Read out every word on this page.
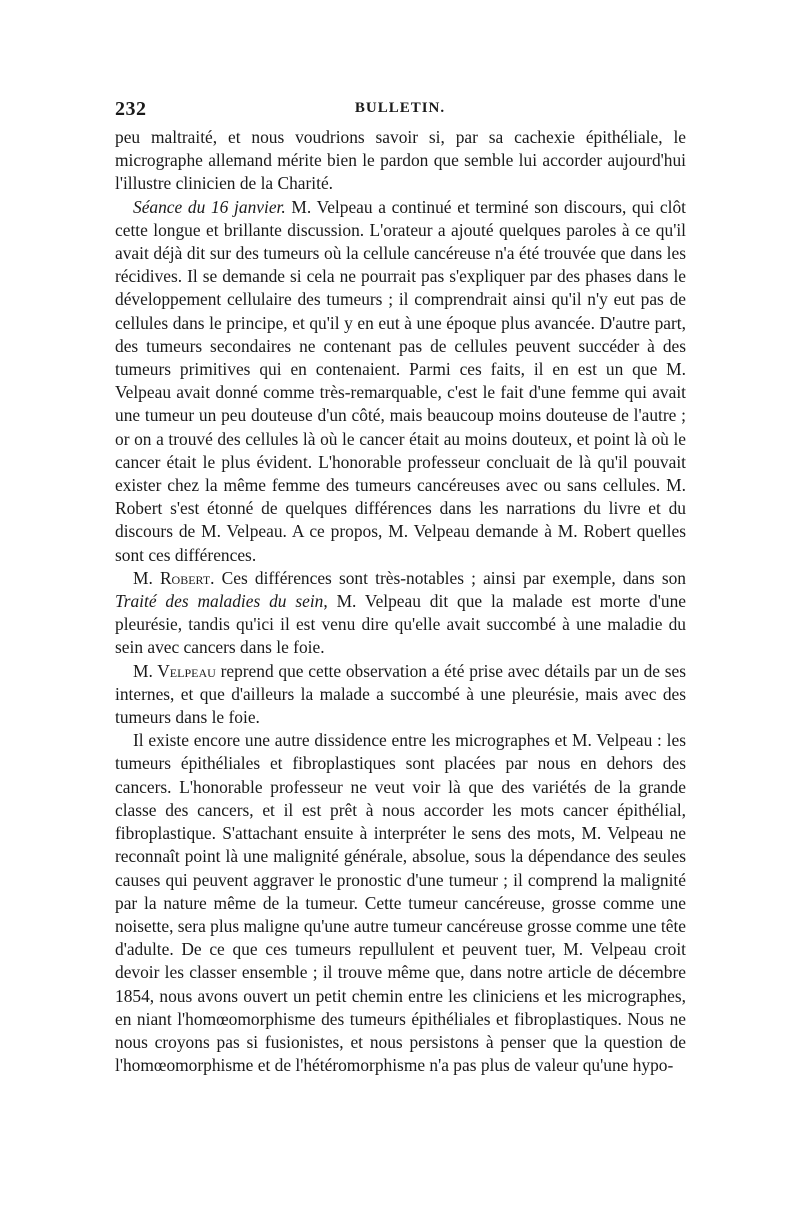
232	BULLETIN.

peu maltraité, et nous voudrions savoir si, par sa cachexie épithéliale, le micrographe allemand mérite bien le pardon que semble lui accorder aujourd'hui l'illustre clinicien de la Charité.

Séance du 16 janvier. M. Velpeau a continué et terminé son discours, qui clôt cette longue et brillante discussion. L'orateur a ajouté quelques paroles à ce qu'il avait déjà dit sur des tumeurs où la cellule cancéreuse n'a été trouvée que dans les récidives. Il se demande si cela ne pourrait pas s'expliquer par des phases dans le développement cellulaire des tumeurs ; il comprendrait ainsi qu'il n'y eut pas de cellules dans le principe, et qu'il y en eut à une époque plus avancée. D'autre part, des tumeurs secondaires ne contenant pas de cellules peuvent succéder à des tumeurs primitives qui en contenaient. Parmi ces faits, il en est un que M. Velpeau avait donné comme très-remarquable, c'est le fait d'une femme qui avait une tumeur un peu douteuse d'un côté, mais beaucoup moins douteuse de l'autre ; or on a trouvé des cellules là où le cancer était au moins douteux, et point là où le cancer était le plus évident. L'honorable professeur concluait de là qu'il pouvait exister chez la même femme des tumeurs cancéreuses avec ou sans cellules. M. Robert s'est étonné de quelques différences dans les narrations du livre et du discours de M. Velpeau. A ce propos, M. Velpeau demande à M. Robert quelles sont ces différences.

M. Robert. Ces différences sont très-notables ; ainsi par exemple, dans son Traité des maladies du sein, M. Velpeau dit que la malade est morte d'une pleurésie, tandis qu'ici il est venu dire qu'elle avait succombé à une maladie du sein avec cancers dans le foie.

M. Velpeau reprend que cette observation a été prise avec détails par un de ses internes, et que d'ailleurs la malade a succombé à une pleurésie, mais avec des tumeurs dans le foie.

Il existe encore une autre dissidence entre les micrographes et M. Velpeau : les tumeurs épithéliales et fibroplastiques sont placées par nous en dehors des cancers. L'honorable professeur ne veut voir là que des variétés de la grande classe des cancers, et il est prêt à nous accorder les mots cancer épithélial, fibroplastique. S'attachant ensuite à interpréter le sens des mots, M. Velpeau ne reconnaît point là une malignité générale, absolue, sous la dépendance des seules causes qui peuvent aggraver le pronostic d'une tumeur ; il comprend la malignité par la nature même de la tumeur. Cette tumeur cancéreuse, grosse comme une noisette, sera plus maligne qu'une autre tumeur cancéreuse grosse comme une tête d'adulte. De ce que ces tumeurs repullulent et peuvent tuer, M. Velpeau croit devoir les classer ensemble ; il trouve même que, dans notre article de décembre 1854, nous avons ouvert un petit chemin entre les cliniciens et les micrographes, en niant l'homœomorphisme des tumeurs épithéliales et fibroplastiques. Nous ne nous croyons pas si fusionistes, et nous persistons à penser que la question de l'homœomorphisme et de l'hétéromorphisme n'a pas plus de valeur qu'une hypo-
